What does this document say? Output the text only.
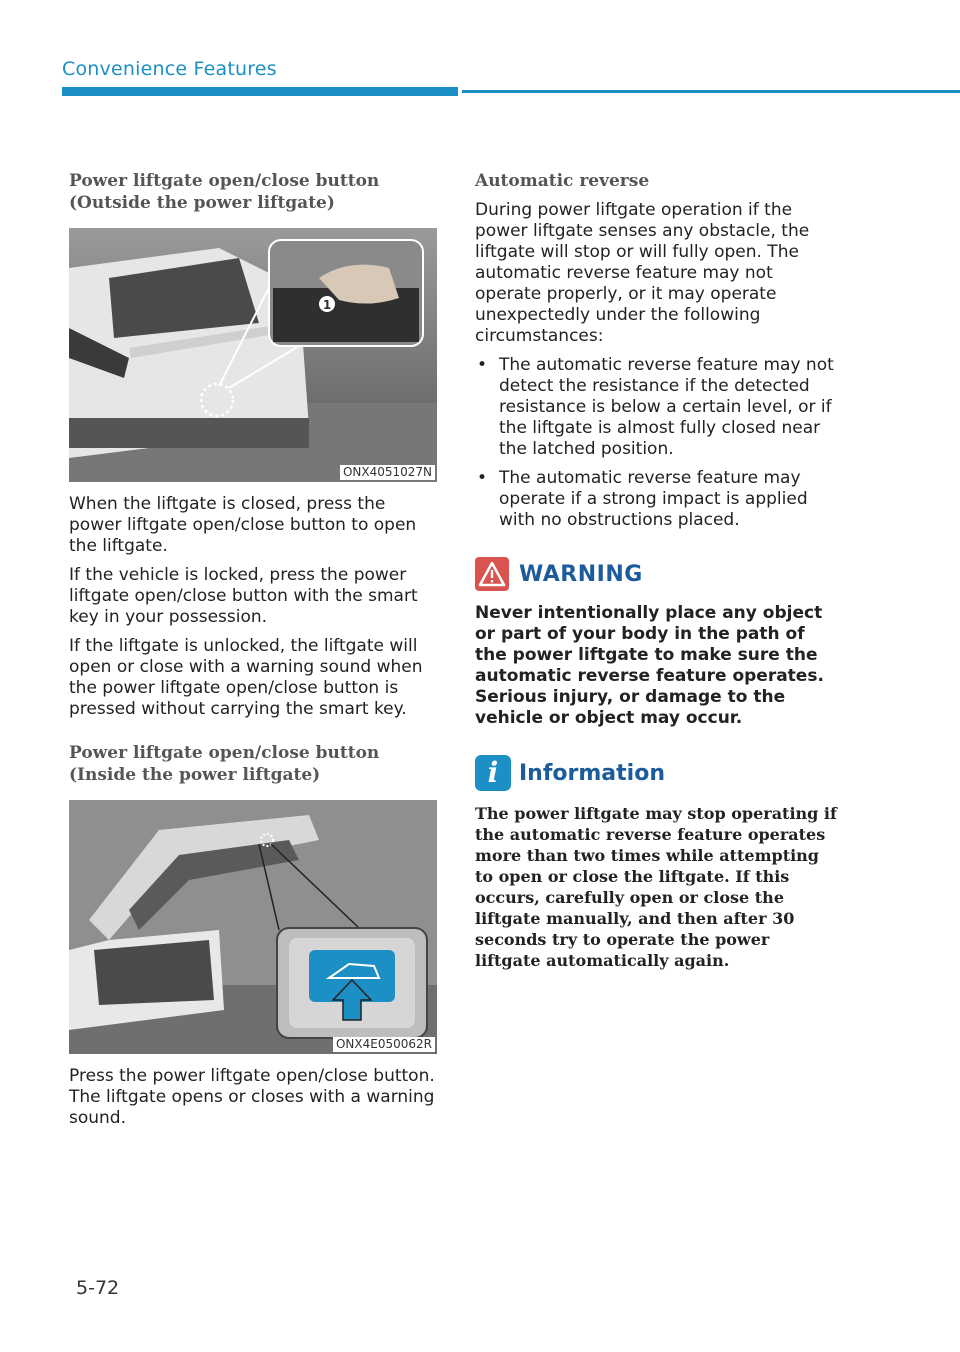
Convenience Features
Power liftgate open/close button (Outside the power liftgate)
1
ONX4051027N

When the liftgate is closed, press the power liftgate open/close button to open the liftgate.

If the vehicle is locked, press the power liftgate open/close button with the smart key in your possession.

If the liftgate is unlocked, the liftgate will open or close with a warning sound when the power liftgate open/close button is pressed without carrying the smart key.

Power liftgate open/close button (Inside the power liftgate)
ONX4E050062R

Press the power liftgate open/close button. The liftgate opens or closes with a warning sound.

Automatic reverse

During power liftgate operation if the power liftgate senses any obstacle, the liftgate will stop or will fully open. The automatic reverse feature may not operate properly, or it may operate unexpectedly under the following circumstances:

• The automatic reverse feature may not detect the resistance if the detected resistance is below a certain level, or if the liftgate is almost fully closed near the latched position.
• The automatic reverse feature may operate if a strong impact is applied with no obstructions placed.
WARNING

Never intentionally place any object or part of your body in the path of the power liftgate to make sure the automatic reverse feature operates. Serious injury, or damage to the vehicle or object may occur.

i Information

The power liftgate may stop operating if the automatic reverse feature operates more than two times while attempting to open or close the liftgate. If this occurs, carefully open or close the liftgate manually, and then after 30 seconds try to operate the power liftgate automatically again.

5-72
